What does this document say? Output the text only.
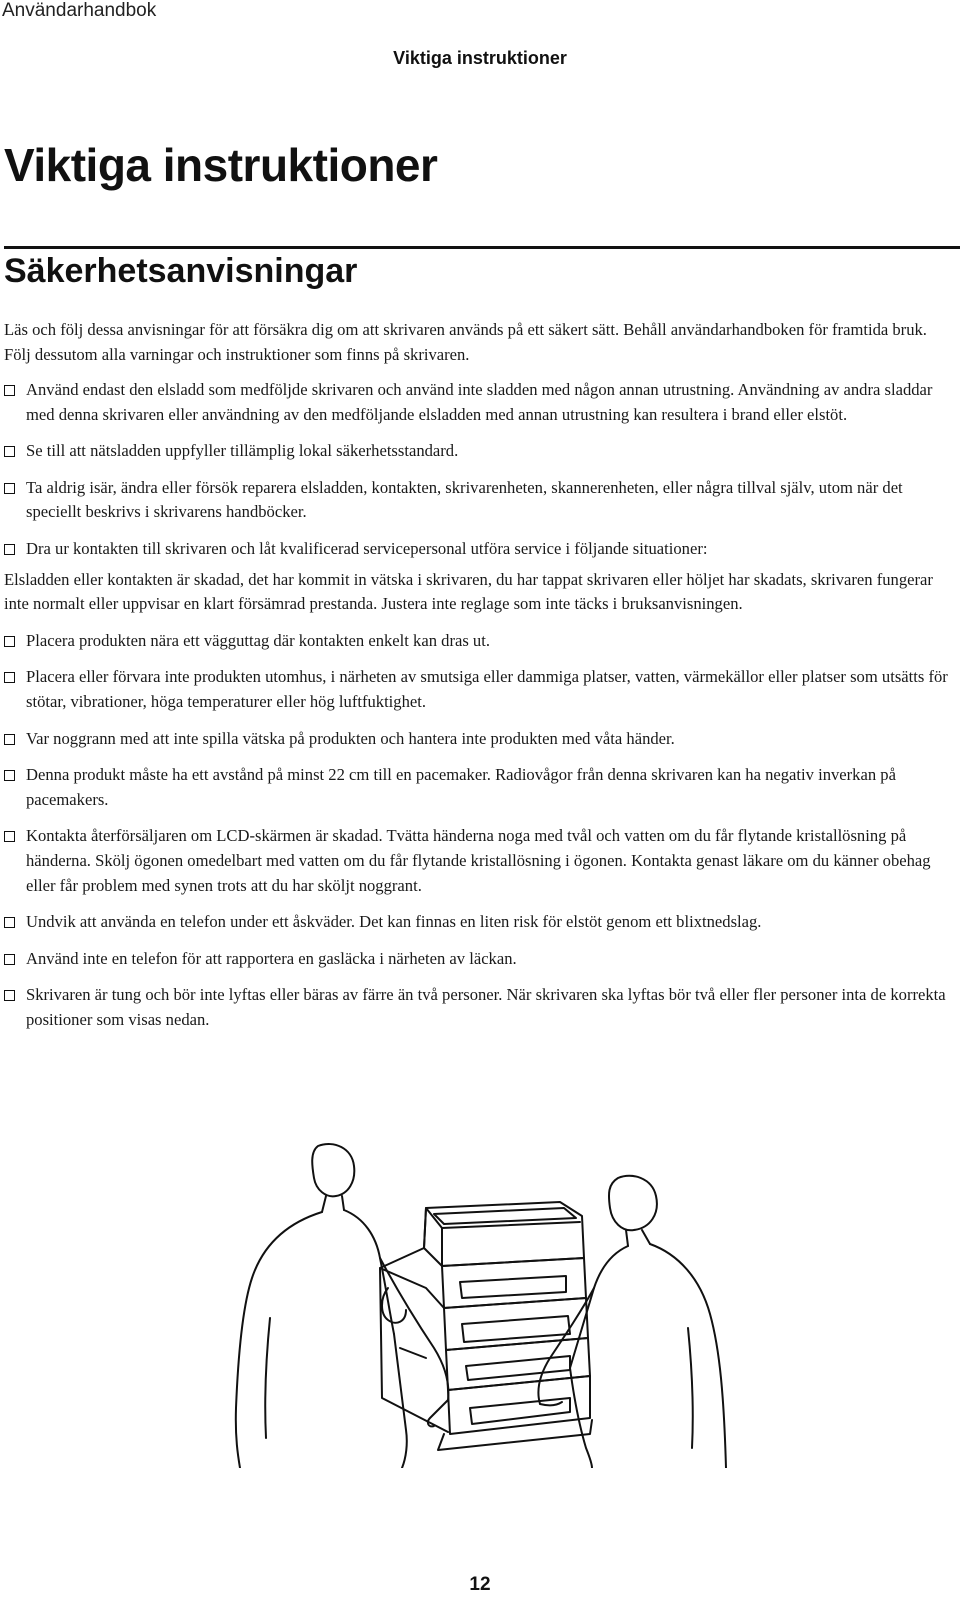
Användarhandbok
Viktiga instruktioner
Viktiga instruktioner
Säkerhetsanvisningar

Läs och följ dessa anvisningar för att försäkra dig om att skrivaren används på ett säkert sätt. Behåll användarhandboken för framtida bruk. Följ dessutom alla varningar och instruktioner som finns på skrivaren.

Använd endast den elsladd som medföljde skrivaren och använd inte sladden med någon annan utrustning. Användning av andra sladdar med denna skrivaren eller användning av den medföljande elsladden med annan utrustning kan resultera i brand eller elstöt.
Se till att nätsladden uppfyller tillämplig lokal säkerhetsstandard.
Ta aldrig isär, ändra eller försök reparera elsladden, kontakten, skrivarenheten, skannerenheten, eller några tillval själv, utom när det speciellt beskrivs i skrivarens handböcker.
Dra ur kontakten till skrivaren och låt kvalificerad servicepersonal utföra service i följande situationer:
Elsladden eller kontakten är skadad, det har kommit in vätska i skrivaren, du har tappat skrivaren eller höljet har skadats, skrivaren fungerar inte normalt eller uppvisar en klart försämrad prestanda. Justera inte reglage som inte täcks i bruksanvisningen.
Placera produkten nära ett vägguttag där kontakten enkelt kan dras ut.
Placera eller förvara inte produkten utomhus, i närheten av smutsiga eller dammiga platser, vatten, värmekällor eller platser som utsätts för stötar, vibrationer, höga temperaturer eller hög luftfuktighet.
Var noggrann med att inte spilla vätska på produkten och hantera inte produkten med våta händer.
Denna produkt måste ha ett avstånd på minst 22 cm till en pacemaker. Radiovågor från denna skrivaren kan ha negativ inverkan på pacemakers.
Kontakta återförsäljaren om LCD-skärmen är skadad. Tvätta händerna noga med tvål och vatten om du får flytande kristallösning på händerna. Skölj ögonen omedelbart med vatten om du får flytande kristallösning i ögonen. Kontakta genast läkare om du känner obehag eller får problem med synen trots att du har sköljt noggrant.
Undvik att använda en telefon under ett åskväder. Det kan finnas en liten risk för elstöt genom ett blixtnedslag.
Använd inte en telefon för att rapportera en gasläcka i närheten av läckan.
Skrivaren är tung och bör inte lyftas eller bäras av färre än två personer. När skrivaren ska lyftas bör två eller fler personer inta de korrekta positioner som visas nedan.
12
